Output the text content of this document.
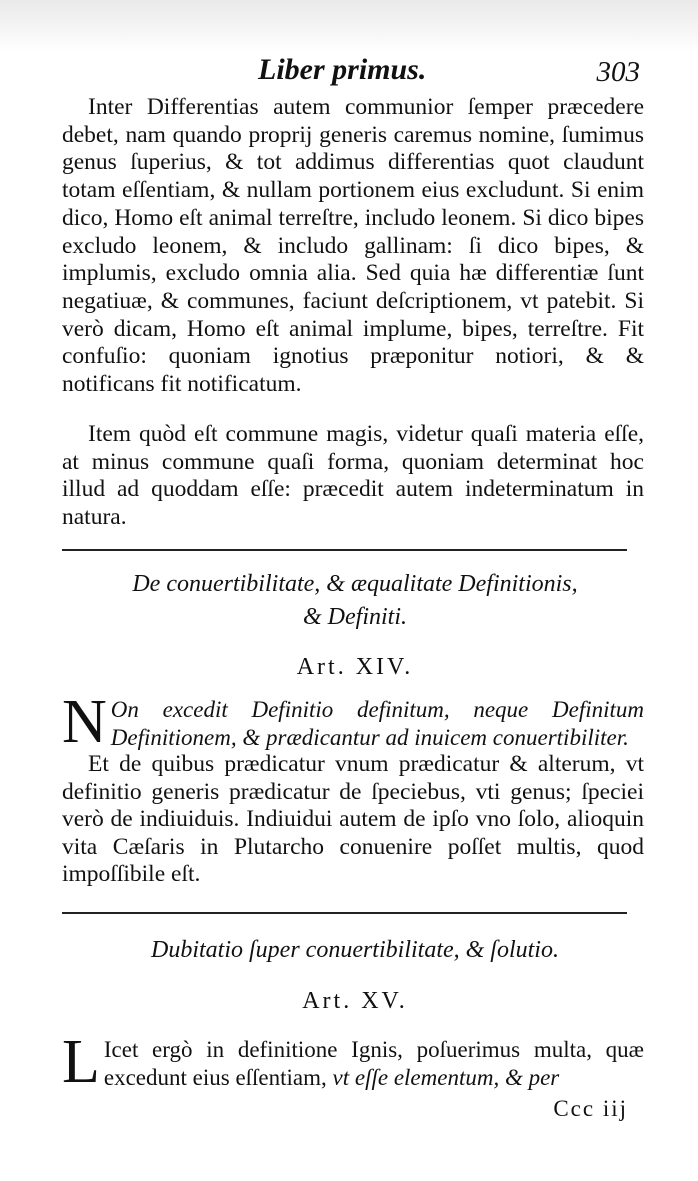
Liber primus.	303

Inter Differentias autem communior ſemper præcedere debet, nam quando proprij generis caremus nomine, ſumimus genus ſuperius, & tot addimus differentias quot claudunt totam eſſentiam, & nullam portionem eius excludunt. Si enim dico, Homo eſt animal terreſtre, includo leonem. Si dico bipes excludo leonem, & includo gallinam: ſi dico bipes, & implumis, excludo omnia alia. Sed quia hæ differentiæ ſunt negatiuæ, & communes, faciunt deſcriptionem, vt patebit. Si verò dicam, Homo eſt animal implume, bipes, terreſtre. Fit confuſio: quoniam ignotius præponitur notiori, & & notificans fit notificatum.

Item quòd eſt commune magis, videtur quaſi materia eſſe, at minus commune quaſi forma, quoniam determinat hoc illud ad quoddam eſſe: præcedit autem indeterminatum in natura.

De conuertibilitate, & æqualitate Definitionis,
& Definiti.
Art. XIV.
N On excedit Definitio definitum, neque Definitum Definitionem, & prædicantur ad inuicem conuertibiliter.

Et de quibus prædicatur vnum prædicatur & alterum, vt definitio generis prædicatur de ſpeciebus, vti genus; ſpeciei verò de indiuiduis. Indiuidui autem de ipſo vno ſolo, alioquin vita Cæſaris in Plutarcho conuenire poſſet multis, quod impoſſibile eſt.

Dubitatio ſuper conuertibilitate, & ſolutio.
Art. XV.
L Icet ergò in definitione Ignis, poſuerimus multa, quæ excedunt eius eſſentiam, vt eſſe elementum, & per

Ccc iij
